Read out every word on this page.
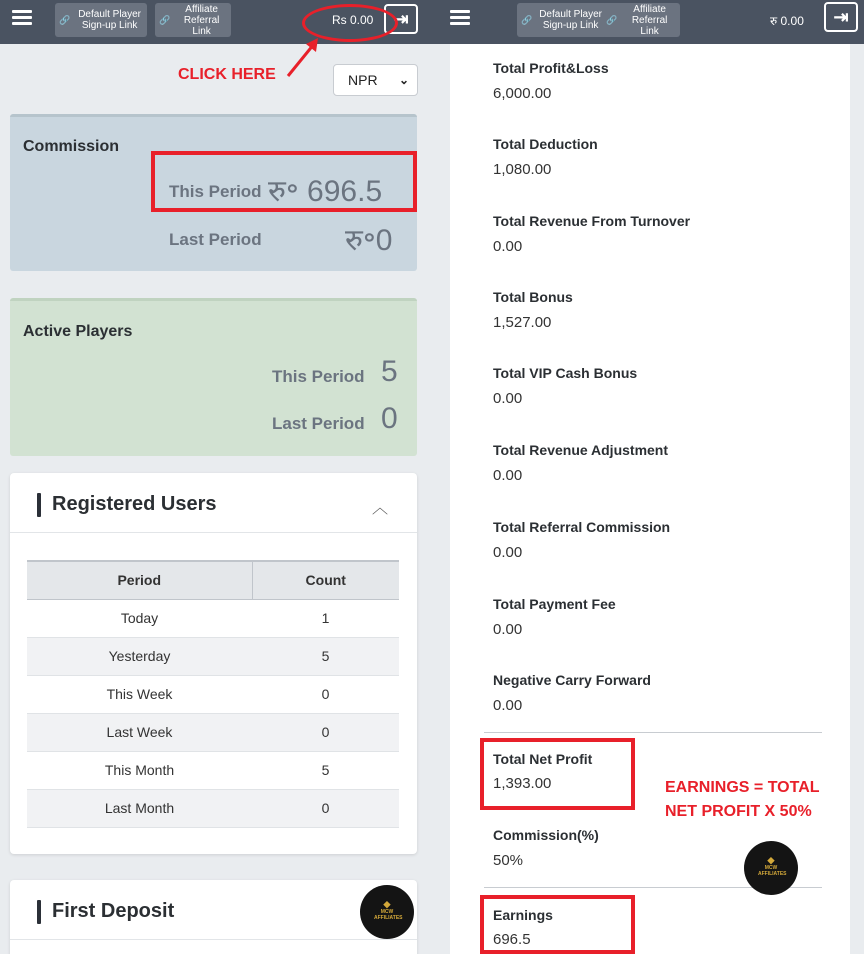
🔗 Default Player Sign-up Link
🔗
Affiliate Referral Link
Rs 0.00	⇥
CLICK HERE	NPR ⌄
Commission
This Period रु॰ 696.5
Last Period	रु॰0
Active Players
This Period 5
Last Period 0
Registered Users	︿
Period	Count
Today	1
Yesterday	5
This Week	0
Last Week	0
This Month	5
Last Month	0
First Deposit	◆

MCW AFFILIATES
🔗 Default Player Sign-up Link
🔗
Affiliate Referral Link
रु 0.00	⇥
Total Profit&Loss
6,000.00
Total Deduction
1,080.00
Total Revenue From Turnover
0.00
Total Bonus
1,527.00
Total VIP Cash Bonus
0.00
Total Revenue Adjustment
0.00
Total Referral Commission
0.00
Total Payment Fee
0.00
Negative Carry Forward
0.00
Total Net Profit
1,393.00	EARNINGS = TOTAL
NET PROFIT X 50%
Commission(%)
50%
Earnings
696.5
◆

MCW AFFILIATES
